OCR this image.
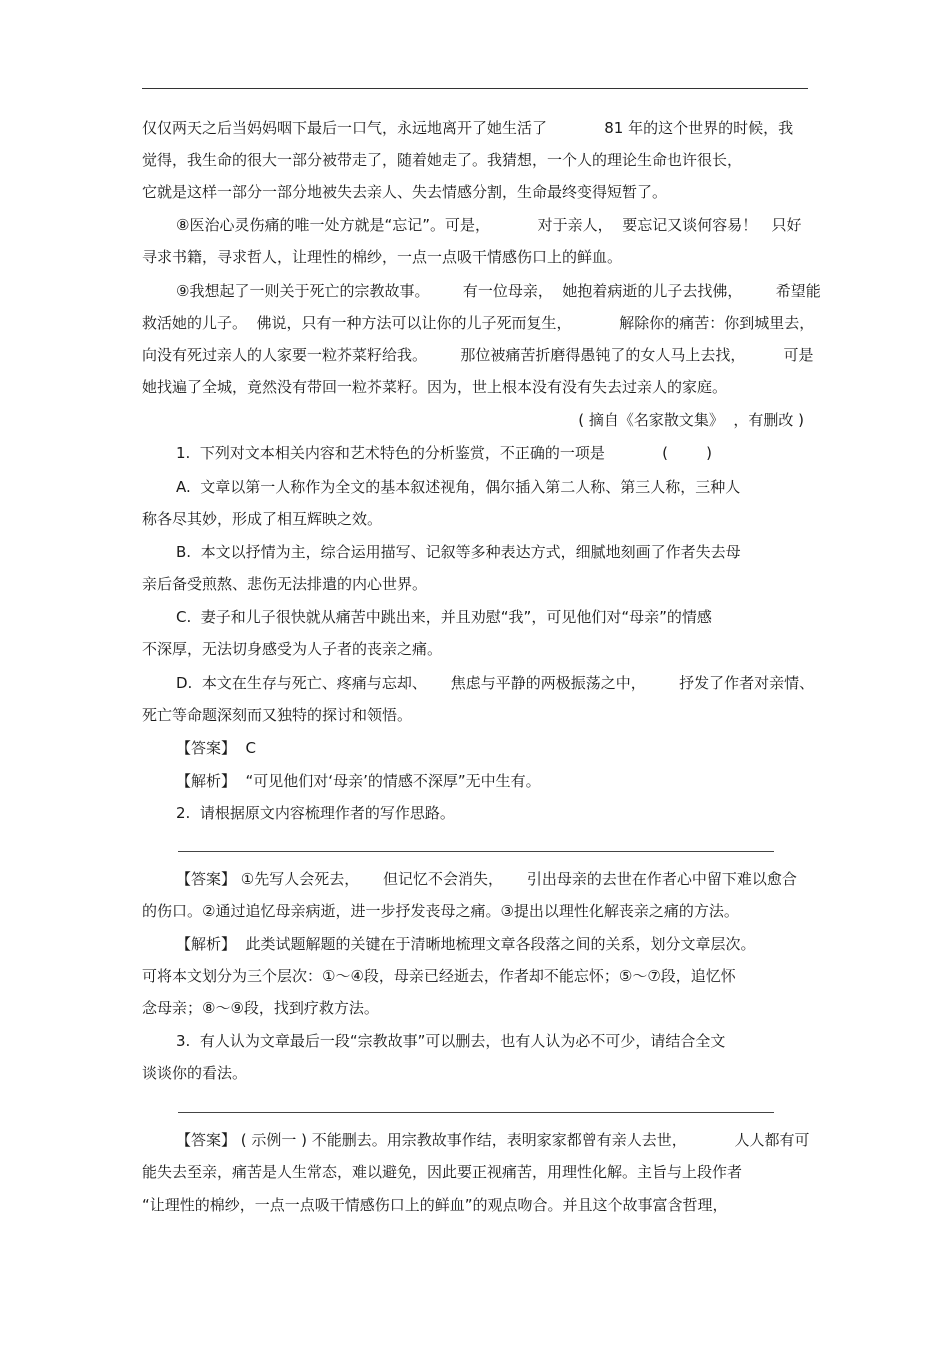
仅仅两天之后当妈妈咽下最后一口气，永远地离开了她生活了            81 年的这个世界的时候，我
觉得，我生命的很大一部分被带走了，随着她走了。我猜想，一个人的理论生命也许很长，
它就是这样一部分一部分地被失去亲人、失去情感分割，生命最终变得短暂了。
⑧医治心灵伤痛的唯一处方就是“忘记”。可是，          对于亲人，  要忘记又谈何容易！   只好
寻求书籍，寻求哲人，让理性的棉纱，一点一点吸干情感伤口上的鲜血。
⑨我想起了一则关于死亡的宗教故事。       有一位母亲，  她抱着病逝的儿子去找佛，       希望能
救活她的儿子。  佛说，只有一种方法可以让你的儿子死而复生，          解除你的痛苦：你到城里去，
向没有死过亲人的人家要一粒芥菜籽给我。       那位被痛苦折磨得愚钝了的女人马上去找，        可是
她找遍了全城，竟然没有带回一粒芥菜籽。因为，世上根本没有没有失去过亲人的家庭。
( 摘自《名家散文集》  ，有删改 )
1.  下列对文本相关内容和艺术特色的分析鉴赏，不正确的一项是            (        )
A.  文章以第一人称作为全文的基本叙述视角，偶尔插入第二人称、第三人称，三种人
称各尽其妙，形成了相互辉映之效。
B.  本文以抒情为主，综合运用描写、记叙等多种表达方式，细腻地刻画了作者失去母
亲后备受煎熬、悲伤无法排遣的内心世界。
C.  妻子和儿子很快就从痛苦中跳出来，并且劝慰“我”，可见他们对“母亲”的情感
不深厚，无法切身感受为人子者的丧亲之痛。
D.  本文在生存与死亡、疼痛与忘却、     焦虑与平静的两极振荡之中，       抒发了作者对亲情、
死亡等命题深刻而又独特的探讨和领悟。
【答案】  C
【解析】  “可见他们对‘母亲’的情感不深厚”无中生有。
2.  请根据原文内容梳理作者的写作思路。
【答案】 ①先写人会死去，     但记忆不会消失，     引出母亲的去世在作者心中留下难以愈合
的伤口。②通过追忆母亲病逝，进一步抒发丧母之痛。③提出以理性化解丧亲之痛的方法。
【解析】  此类试题解题的关键在于清晰地梳理文章各段落之间的关系，划分文章层次。
可将本文划分为三个层次：①～④段，母亲已经逝去，作者却不能忘怀；⑤～⑦段，追忆怀
念母亲；⑧～⑨段，找到疗救方法。
3.  有人认为文章最后一段“宗教故事”可以删去，也有人认为必不可少，请结合全文
谈谈你的看法。
【答案】 ( 示例一 ) 不能删去。用宗教故事作结，表明家家都曾有亲人去世，          人人都有可
能失去至亲，痛苦是人生常态，难以避免，因此要正视痛苦，用理性化解。主旨与上段作者
“让理性的棉纱，一点一点吸干情感伤口上的鲜血”的观点吻合。并且这个故事富含哲理，
